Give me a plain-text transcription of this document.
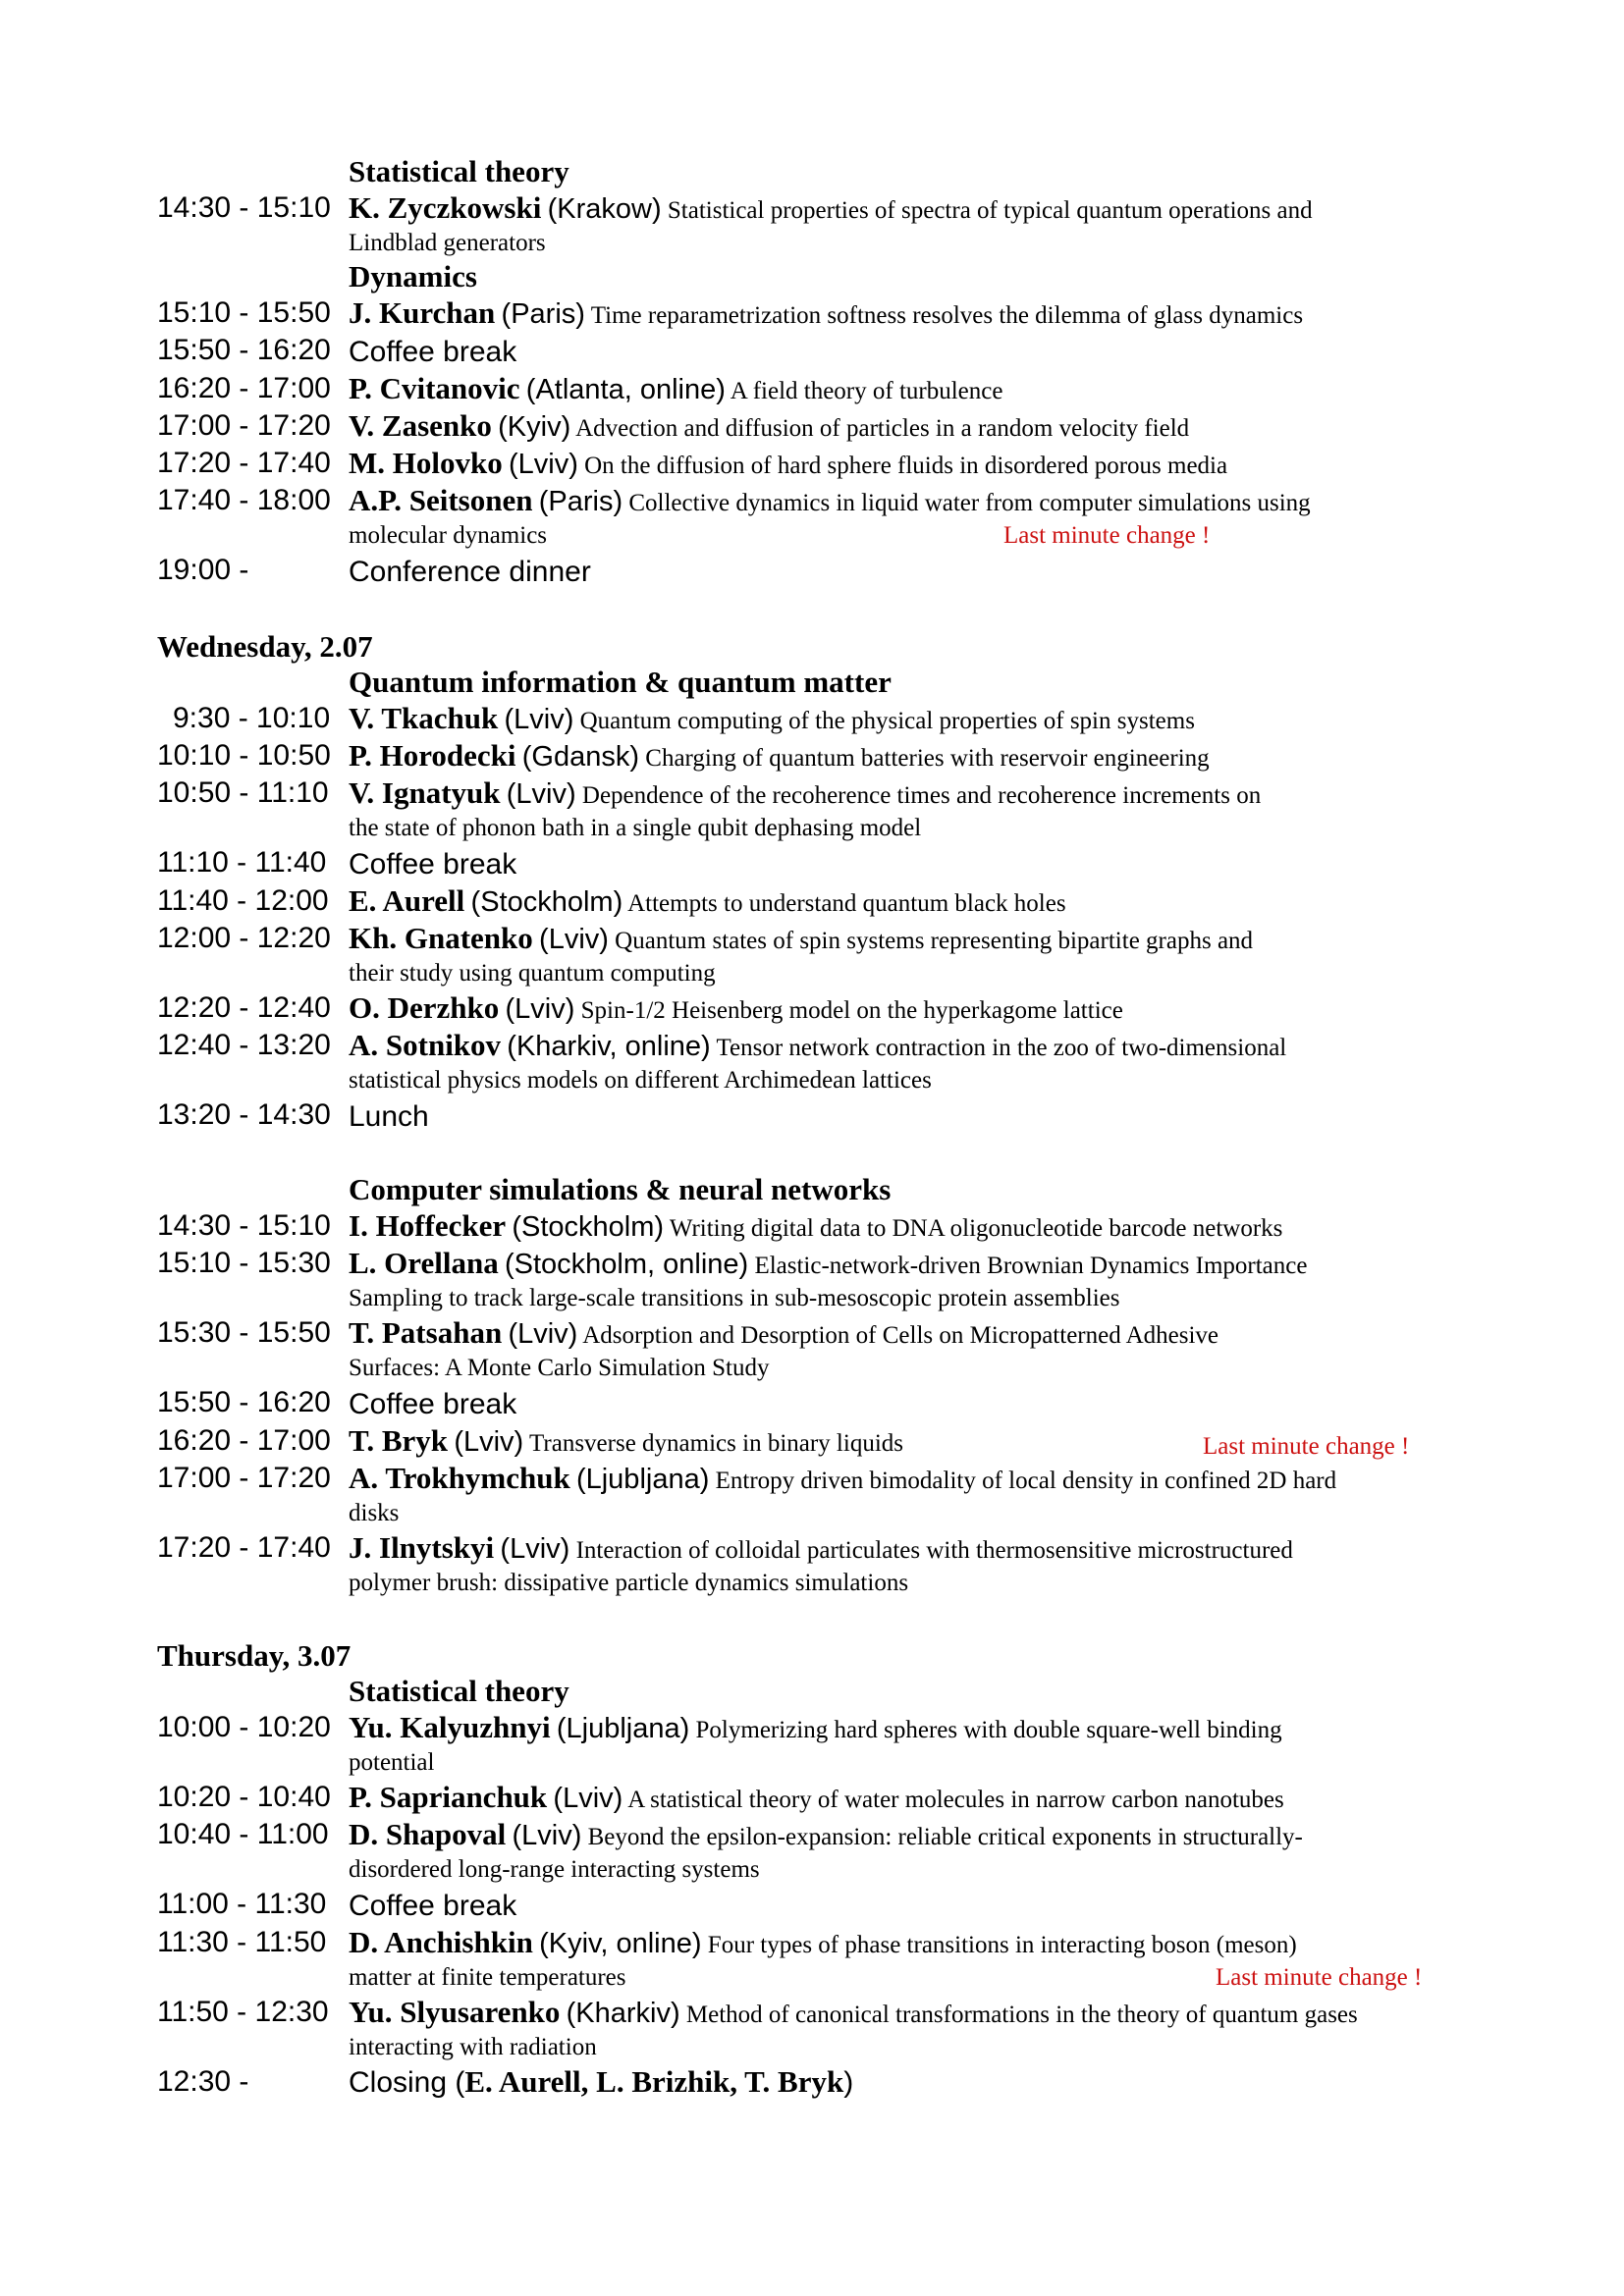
Statistical theory
14:30 - 15:10 K. Zyczkowski (Krakow) Statistical properties of spectra of typical quantum operations and
Lindblad generators
Dynamics
15:10 - 15:50 J. Kurchan (Paris) Time reparametrization softness resolves the dilemma of glass dynamics
15:50 - 16:20 Coffee break
16:20 - 17:00 P. Cvitanovic (Atlanta, online) A field theory of turbulence
17:00 - 17:20 V. Zasenko (Kyiv) Advection and diffusion of particles in a random velocity field
17:20 - 17:40 M. Holovko (Lviv) On the diffusion of hard sphere fluids in disordered porous media
17:40 - 18:00 A.P. Seitsonen (Paris) Collective dynamics in liquid water from computer simulations using
molecular dynamics	Last minute change !
19:00 -	Conference dinner
Wednesday, 2.07
Quantum information & quantum matter
9:30 - 10:10 V. Tkachuk (Lviv) Quantum computing of the physical properties of spin systems
10:10 - 10:50 P. Horodecki (Gdansk) Charging of quantum batteries with reservoir engineering
10:50 - 11:10 V. Ignatyuk (Lviv) Dependence of the recoherence times and recoherence increments on
the state of phonon bath in a single qubit dephasing model
11:10 - 11:40 Coffee break
11:40 - 12:00 E. Aurell (Stockholm) Attempts to understand quantum black holes
12:00 - 12:20 Kh. Gnatenko (Lviv) Quantum states of spin systems representing bipartite graphs and
their study using quantum computing
12:20 - 12:40 O. Derzhko (Lviv) Spin-1/2 Heisenberg model on the hyperkagome lattice
12:40 - 13:20 A. Sotnikov (Kharkiv, online) Tensor network contraction in the zoo of two-dimensional
statistical physics models on different Archimedean lattices
13:20 - 14:30 Lunch
Computer simulations & neural networks
14:30 - 15:10 I. Hoffecker (Stockholm) Writing digital data to DNA oligonucleotide barcode networks
15:10 - 15:30 L. Orellana (Stockholm, online) Elastic-network-driven Brownian Dynamics Importance
Sampling to track large-scale transitions in sub-mesoscopic protein assemblies
15:30 - 15:50 T. Patsahan (Lviv) Adsorption and Desorption of Cells on Micropatterned Adhesive
Surfaces: A Monte Carlo Simulation Study
15:50 - 16:20 Coffee break
16:20 - 17:00 T. Bryk (Lviv) Transverse dynamics in binary liquids	Last minute change !
17:00 - 17:20 A. Trokhymchuk (Ljubljana) Entropy driven bimodality of local density in confined 2D hard
disks
17:20 - 17:40 J. Ilnytskyi (Lviv) Interaction of colloidal particulates with thermosensitive microstructured
polymer brush: dissipative particle dynamics simulations
Thursday, 3.07
Statistical theory
10:00 - 10:20 Yu. Kalyuzhnyi (Ljubljana) Polymerizing hard spheres with double square-well binding
potential
10:20 - 10:40 P. Saprianchuk (Lviv) A statistical theory of water molecules in narrow carbon nanotubes
10:40 - 11:00 D. Shapoval (Lviv) Beyond the epsilon-expansion: reliable critical exponents in structurally-
disordered long-range interacting systems
11:00 - 11:30 Coffee break
11:30 - 11:50 D. Anchishkin (Kyiv, online) Four types of phase transitions in interacting boson (meson)
matter at finite temperatures	Last minute change !
11:50 - 12:30 Yu. Slyusarenko (Kharkiv) Method of canonical transformations in the theory of quantum gases
interacting with radiation
12:30 -	Closing (E. Aurell, L. Brizhik, T. Bryk)
